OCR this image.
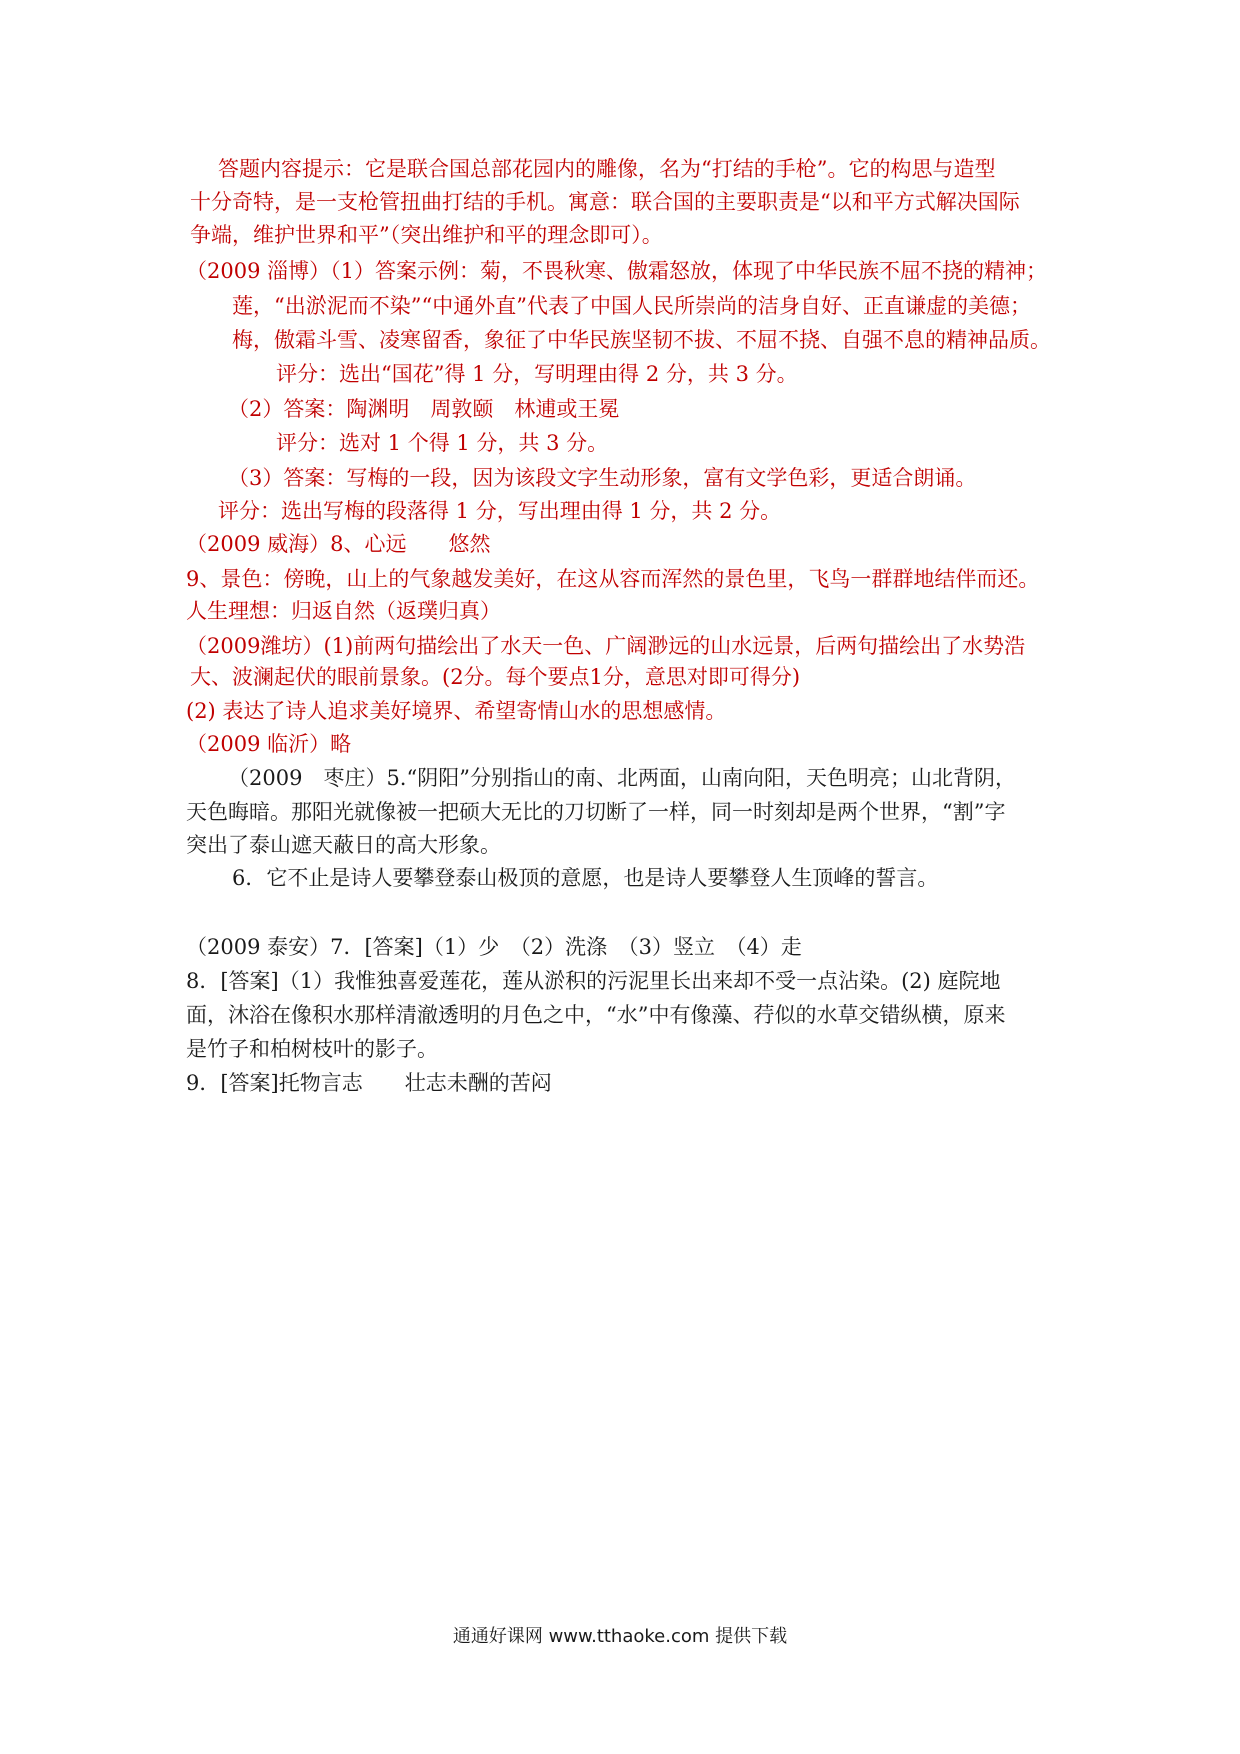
答题内容提示：它是联合国总部花园内的雕像，名为“打结的手枪”。它的构思与造型
十分奇特，是一支枪管扭曲打结的手机。寓意：联合国的主要职责是“以和平方式解决国际
争端，维护世界和平”（突出维护和平的理念即可）。
（2009 淄博）（1）答案示例：菊，不畏秋寒、傲霜怒放，体现了中华民族不屈不挠的精神；
莲，“出淤泥而不染”“中通外直”代表了中国人民所崇尚的洁身自好、正直谦虚的美德；
梅，傲霜斗雪、凌寒留香，象征了中华民族坚韧不拔、不屈不挠、自强不息的精神品质。
评分：选出“国花”得 1 分，写明理由得 2 分，共 3 分。
（2）答案：陶渊明　周敦颐　林逋或王冕
评分：选对 1 个得 1 分，共 3 分。
（3）答案：写梅的一段，因为该段文字生动形象，富有文学色彩，更适合朗诵。
评分：选出写梅的段落得 1 分，写出理由得 1 分，共 2 分。
（2009 威海）8、心远　　悠然
9、景色：傍晚，山上的气象越发美好，在这从容而浑然的景色里，飞鸟一群群地结伴而还。
人生理想：归返自然（返璞归真）
（2009潍坊）(1)前两句描绘出了水天一色、广阔渺远的山水远景，后两句描绘出了水势浩
大、波澜起伏的眼前景象。(2分。每个要点1分，意思对即可得分)
(2) 表达了诗人追求美好境界、希望寄情山水的思想感情。
（2009 临沂）略
（2009　枣庄）5.“阴阳”分别指山的南、北两面，山南向阳，天色明亮；山北背阴，
天色晦暗。那阳光就像被一把硕大无比的刀切断了一样，同一时刻却是两个世界，“割”字
突出了泰山遮天蔽日的高大形象。
6．它不止是诗人要攀登泰山极顶的意愿，也是诗人要攀登人生顶峰的誓言。
（2009 泰安）7．[答案]（1）少　（2）洗涤　（3）竖立　（4）走
8．[答案]（1）我惟独喜爱莲花，莲从淤积的污泥里长出来却不受一点沾染。(2) 庭院地
面，沐浴在像积水那样清澈透明的月色之中，“水”中有像藻、荇似的水草交错纵横，原来
是竹子和柏树枝叶的影子。
9．[答案]托物言志　　壮志未酬的苦闷
通通好课网 www.tthaoke.com 提供下载
